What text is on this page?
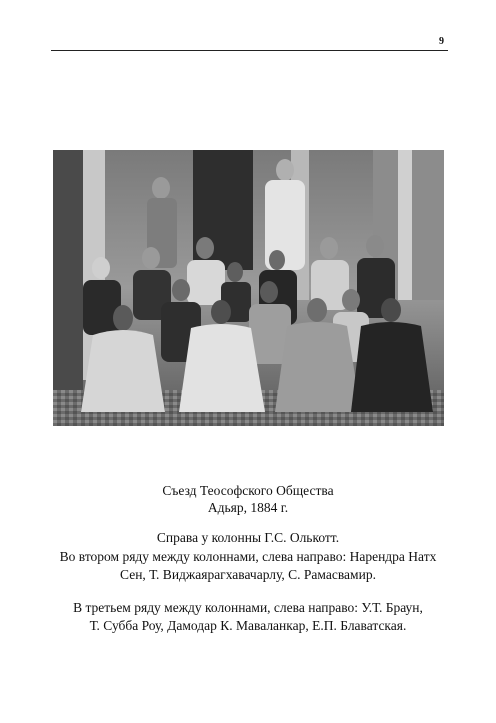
9

Съезд Теософского Общества

Адьяр, 1884 г.

Справа у колонны Г.С. Олькотт.

Во втором ряду между колоннами, слева направо: Нарендра Натх

Сен, Т. Виджаярагхавачарлу, С. Рамасвамир.

В третьем ряду между колоннами, слева направо: У.Т. Браун,

Т. Субба Роу, Дамодар К. Маваланкар, Е.П. Блаватская.
